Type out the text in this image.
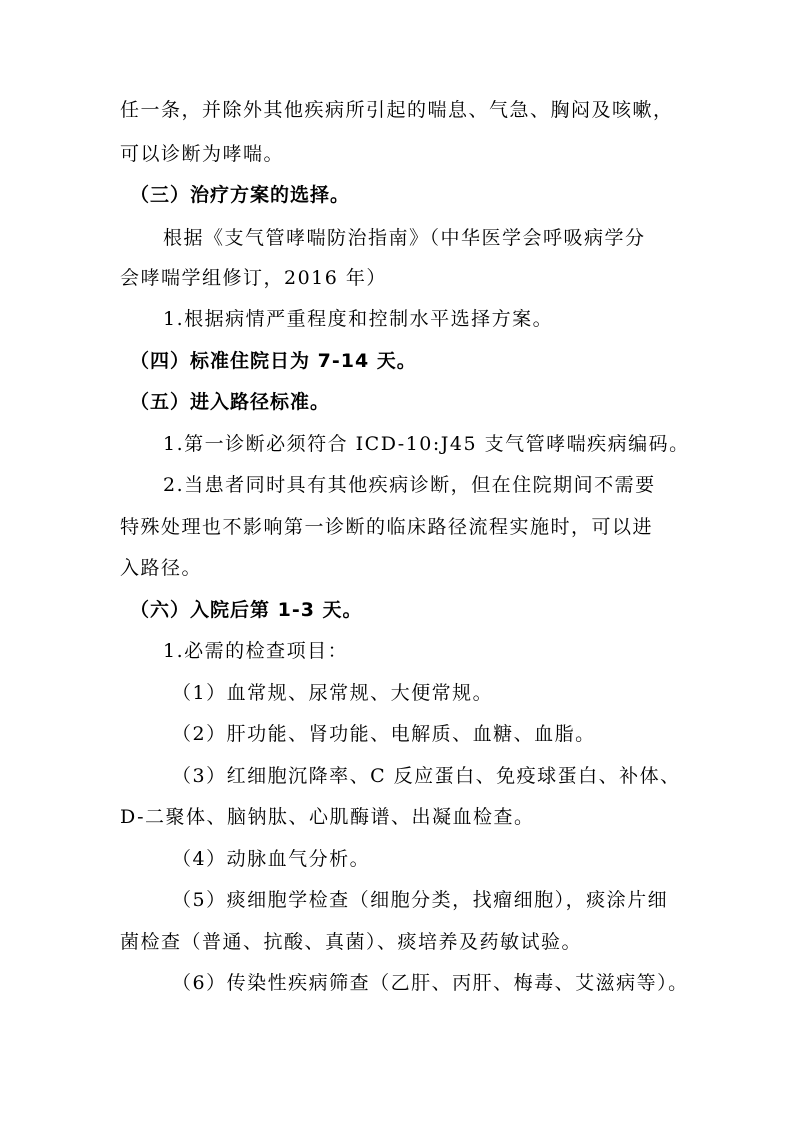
任一条，并除外其他疾病所引起的喘息、气急、胸闷及咳嗽，
可以诊断为哮喘。
（三）治疗方案的选择。
根据《支气管哮喘防治指南》（中华医学会呼吸病学分
会哮喘学组修订，2016 年）
1.根据病情严重程度和控制水平选择方案。
（四）标准住院日为 7-14 天。
（五）进入路径标准。
1.第一诊断必须符合 ICD-10:J45 支气管哮喘疾病编码。
2.当患者同时具有其他疾病诊断，但在住院期间不需要
特殊处理也不影响第一诊断的临床路径流程实施时，可以进
入路径。
（六）入院后第 1-3 天。
1.必需的检查项目：
（1）血常规、尿常规、大便常规。
（2）肝功能、肾功能、电解质、血糖、血脂。
（3）红细胞沉降率、C 反应蛋白、免疫球蛋白、补体、
D-二聚体、脑钠肽、心肌酶谱、出凝血检查。
（4）动脉血气分析。
（5）痰细胞学检查（细胞分类，找瘤细胞），痰涂片细
菌检查（普通、抗酸、真菌）、痰培养及药敏试验。
（6）传染性疾病筛查（乙肝、丙肝、梅毒、艾滋病等）。
